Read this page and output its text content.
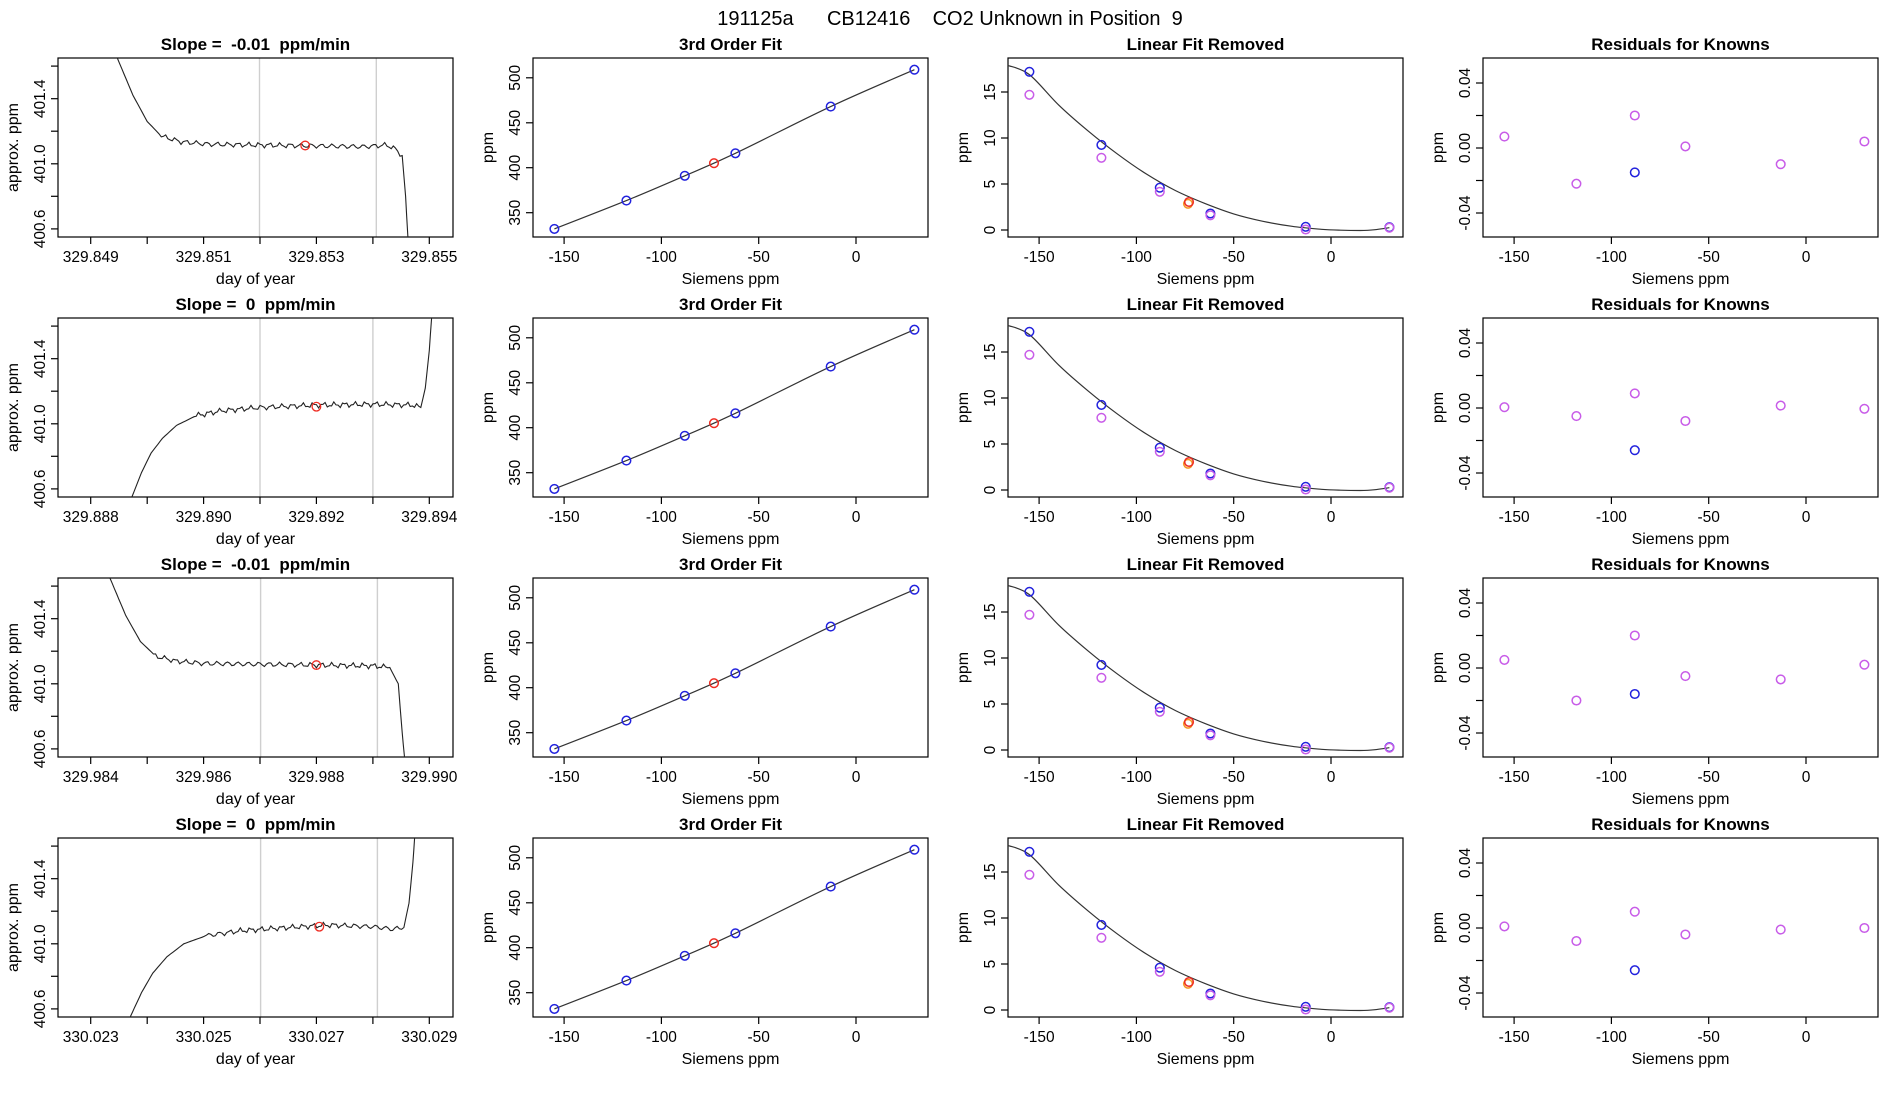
191125a      CB12416    CO2 Unknown in Position  9
329.849	329.851	329.853	329.855
400.6
401.0
401.4
Slope =  -0.01  ppm/min
day of year
approx. ppm
-150	-100	-50	0
350
400
450
500
3rd Order Fit
Siemens ppm
ppm
-150	-100	-50	0
0
5
10
15
Linear Fit Removed
Siemens ppm
ppm
-150	-100	-50	0
-0.04
0.00
0.04
Residuals for Knowns
Siemens ppm
ppm
329.888	329.890	329.892	329.894
400.6
401.0
401.4
Slope =  0  ppm/min
day of year
approx. ppm
-150	-100	-50	0
350
400
450
500
3rd Order Fit
Siemens ppm
ppm
-150	-100	-50	0
0
5
10
15
Linear Fit Removed
Siemens ppm
ppm
-150	-100	-50	0
-0.04
0.00
0.04
Residuals for Knowns
Siemens ppm
ppm
329.984	329.986	329.988	329.990
400.6
401.0
401.4
Slope =  -0.01  ppm/min
day of year
approx. ppm
-150	-100	-50	0
350
400
450
500
3rd Order Fit
Siemens ppm
ppm
-150	-100	-50	0
0
5
10
15
Linear Fit Removed
Siemens ppm
ppm
-150	-100	-50	0
-0.04
0.00
0.04
Residuals for Knowns
Siemens ppm
ppm
330.023	330.025	330.027	330.029
400.6
401.0
401.4
Slope =  0  ppm/min
day of year
approx. ppm
-150	-100	-50	0
350
400
450
500
3rd Order Fit
Siemens ppm
ppm
-150	-100	-50	0
0
5
10
15
Linear Fit Removed
Siemens ppm
ppm
-150	-100	-50	0
-0.04
0.00
0.04
Residuals for Knowns
Siemens ppm
ppm
